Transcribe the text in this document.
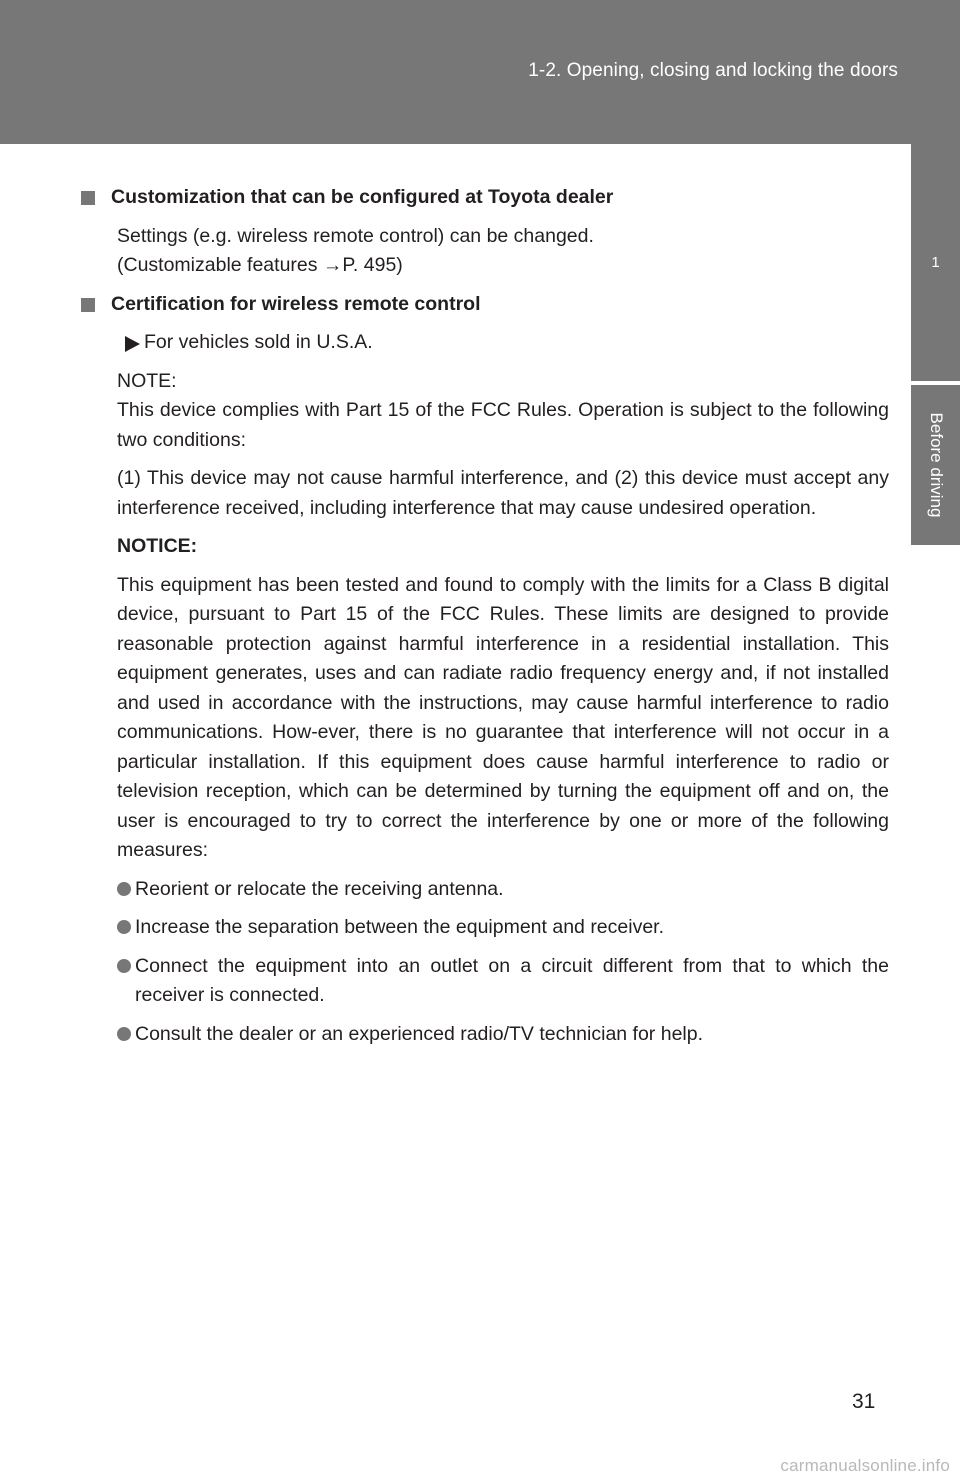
1-2. Opening, closing and locking the doors
1
Before driving
Customization that can be configured at Toyota dealer
Settings (e.g. wireless remote control) can be changed.
(Customizable features →P. 495)
Certification for wireless remote control
For vehicles sold in U.S.A.
NOTE:
This device complies with Part 15 of the FCC Rules. Operation is subject to the following two conditions:
(1) This device may not cause harmful interference, and (2) this device must accept any interference received, including interference that may cause undesired operation.
NOTICE:
This equipment has been tested and found to comply with the limits for a Class B digital device, pursuant to Part 15 of the FCC Rules. These limits are designed to provide reasonable protection against harmful interference in a residential installation. This equipment generates, uses and can radiate radio frequency energy and, if not installed and used in accordance with the instructions, may cause harmful interference to radio communications. How-ever, there is no guarantee that interference will not occur in a particular installation. If this equipment does cause harmful interference to radio or television reception, which can be determined by turning the equipment off and on, the user is encouraged to try to correct the interference by one or more of the following measures:
Reorient or relocate the receiving antenna.
Increase the separation between the equipment and receiver.
Connect the equipment into an outlet on a circuit different from that to which the receiver is connected.
Consult the dealer or an experienced radio/TV technician for help.
31
carmanualsonline.info
